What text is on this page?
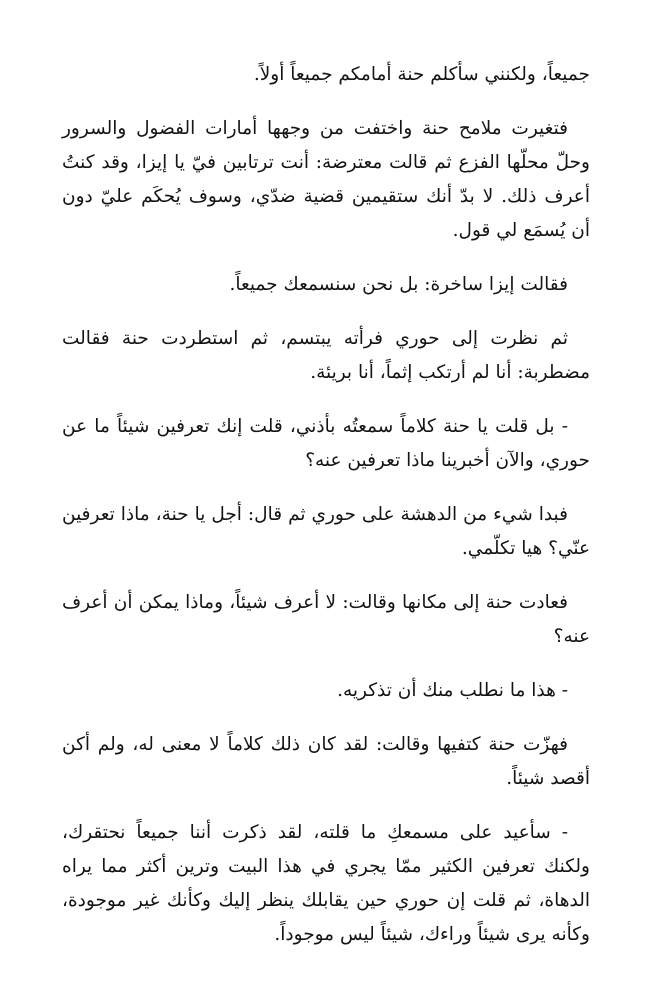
جميعاً، ولكنني سأكلم حنة أمامكم جميعاً أولاً.

فتغيرت ملامح حنة واختفت من وجهها أمارات الفضول والسرور وحلّ محلّها الفزع ثم قالت معترضة: أنت ترتابين فيّ يا إيزا، وقد كنتُ أعرف ذلك. لا بدّ أنك ستقيمين قضية ضدّي، وسوف يُحكَم عليّ دون أن يُسمَع لي قول.

فقالت إيزا ساخرة: بل نحن سنسمعك جميعاً.

ثم نظرت إلى حوري فرأته يبتسم، ثم استطردت حنة فقالت مضطربة: أنا لم أرتكب إثماً، أنا بريئة.

- بل قلت يا حنة كلاماً سمعتُه بأذني، قلت إنك تعرفين شيئاً ما عن حوري، والآن أخبرينا ماذا تعرفين عنه؟

فبدا شيء من الدهشة على حوري ثم قال: أجل يا حنة، ماذا تعرفين عنّي؟ هيا تكلّمي.

فعادت حنة إلى مكانها وقالت: لا أعرف شيئاً، وماذا يمكن أن أعرف عنه؟

- هذا ما نطلب منك أن تذكريه.

فهزّت حنة كتفيها وقالت: لقد كان ذلك كلاماً لا معنى له، ولم أكن أقصد شيئاً.

- سأعيد على مسمعكِ ما قلته، لقد ذكرت أننا جميعاً نحتقرك، ولكنك تعرفين الكثير ممّا يجري في هذا البيت وترين أكثر مما يراه الدهاة، ثم قلت إن حوري حين يقابلك ينظر إليك وكأنك غير موجودة، وكأنه يرى شيئاً وراءك، شيئاً ليس موجوداً.
